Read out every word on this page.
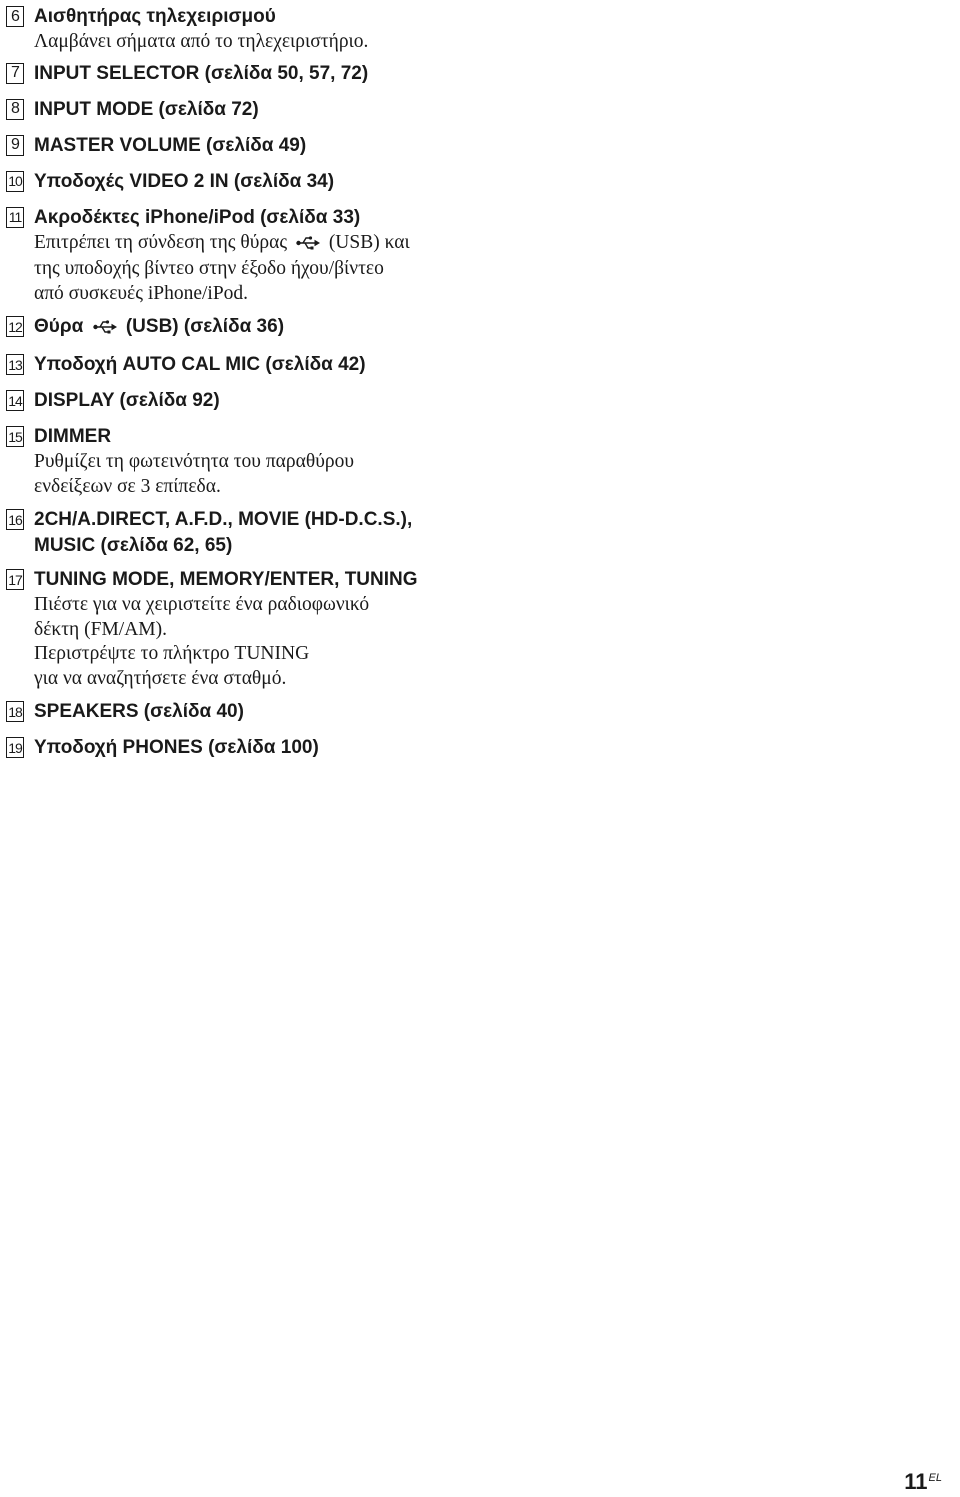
6 Αισθητήρας τηλεχειρισμού
Λαμβάνει σήματα από το τηλεχειριστήριο.
7 INPUT SELECTOR (σελίδα 50, 57, 72)
8 INPUT MODE (σελίδα 72)
9 MASTER VOLUME (σελίδα 49)
10 Υποδοχές VIDEO 2 IN (σελίδα 34)
11 Ακροδέκτες iPhone/iPod (σελίδα 33)
Επιτρέπει τη σύνδεση της θύρας (USB) και
της υποδοχής βίντεο στην έξοδο ήχου/βίντεο
από συσκευές iPhone/iPod.
12 Θύρα (USB) (σελίδα 36)
13 Υποδοχή AUTO CAL MIC (σελίδα 42)
14 DISPLAY (σελίδα 92)
15 DIMMER
Ρυθμίζει τη φωτεινότητα του παραθύρου
ενδείξεων σε 3 επίπεδα.
16 2CH/A.DIRECT, A.F.D., MOVIE (HD-D.C.S.),
MUSIC (σελίδα 62, 65)
17 TUNING MODE, MEMORY/ENTER, TUNING
Πιέστε για να χειριστείτε ένα ραδιοφωνικό
δέκτη (FM/AM).
Περιστρέψτε το πλήκτρο TUNING
για να αναζητήσετε ένα σταθμό.
18 SPEAKERS (σελίδα 40)
19 Υποδοχή PHONES (σελίδα 100)
$11^{EL}$
